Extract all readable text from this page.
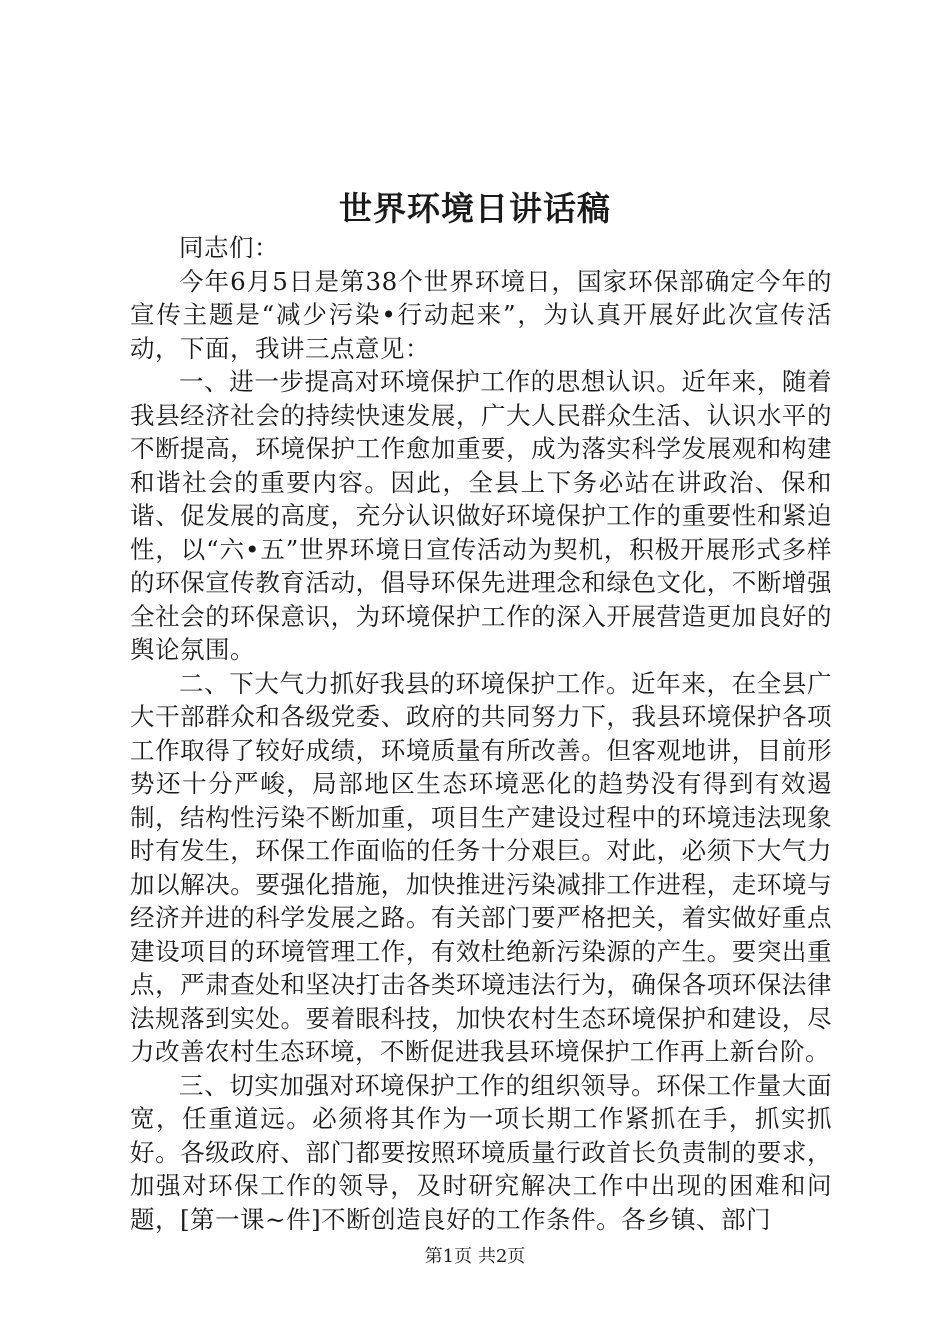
世界环境日讲话稿

同志们：

今年6月5日是第38个世界环境日，国家环保部确定今年的宣传主题是“减少污染•行动起来”，为认真开展好此次宣传活动，下面，我讲三点意见：

一、进一步提高对环境保护工作的思想认识。近年来，随着我县经济社会的持续快速发展，广大人民群众生活、认识水平的不断提高，环境保护工作愈加重要，成为落实科学发展观和构建和谐社会的重要内容。因此，全县上下务必站在讲政治、保和谐、促发展的高度，充分认识做好环境保护工作的重要性和紧迫性，以“六•五”世界环境日宣传活动为契机，积极开展形式多样的环保宣传教育活动，倡导环保先进理念和绿色文化，不断增强全社会的环保意识，为环境保护工作的深入开展营造更加良好的舆论氛围。

二、下大气力抓好我县的环境保护工作。近年来，在全县广大干部群众和各级党委、政府的共同努力下，我县环境保护各项工作取得了较好成绩，环境质量有所改善。但客观地讲，目前形势还十分严峻，局部地区生态环境恶化的趋势没有得到有效遏制，结构性污染不断加重，项目生产建设过程中的环境违法现象时有发生，环保工作面临的任务十分艰巨。对此，必须下大气力加以解决。要强化措施，加快推进污染减排工作进程，走环境与经济并进的科学发展之路。有关部门要严格把关，着实做好重点建设项目的环境管理工作，有效杜绝新污染源的产生。要突出重点，严肃查处和坚决打击各类环境违法行为，确保各项环保法律法规落到实处。要着眼科技，加快农村生态环境保护和建设，尽力改善农村生态环境，不断促进我县环境保护工作再上新台阶。

三、切实加强对环境保护工作的组织领导。环保工作量大面宽，任重道远。必须将其作为一项长期工作紧抓在手，抓实抓好。各级政府、部门都要按照环境质量行政首长负责制的要求，加强对环保工作的领导，及时研究解决工作中出现的困难和问题，[第一课~件]不断创造良好的工作条件。各乡镇、部门

第1页 共2页
